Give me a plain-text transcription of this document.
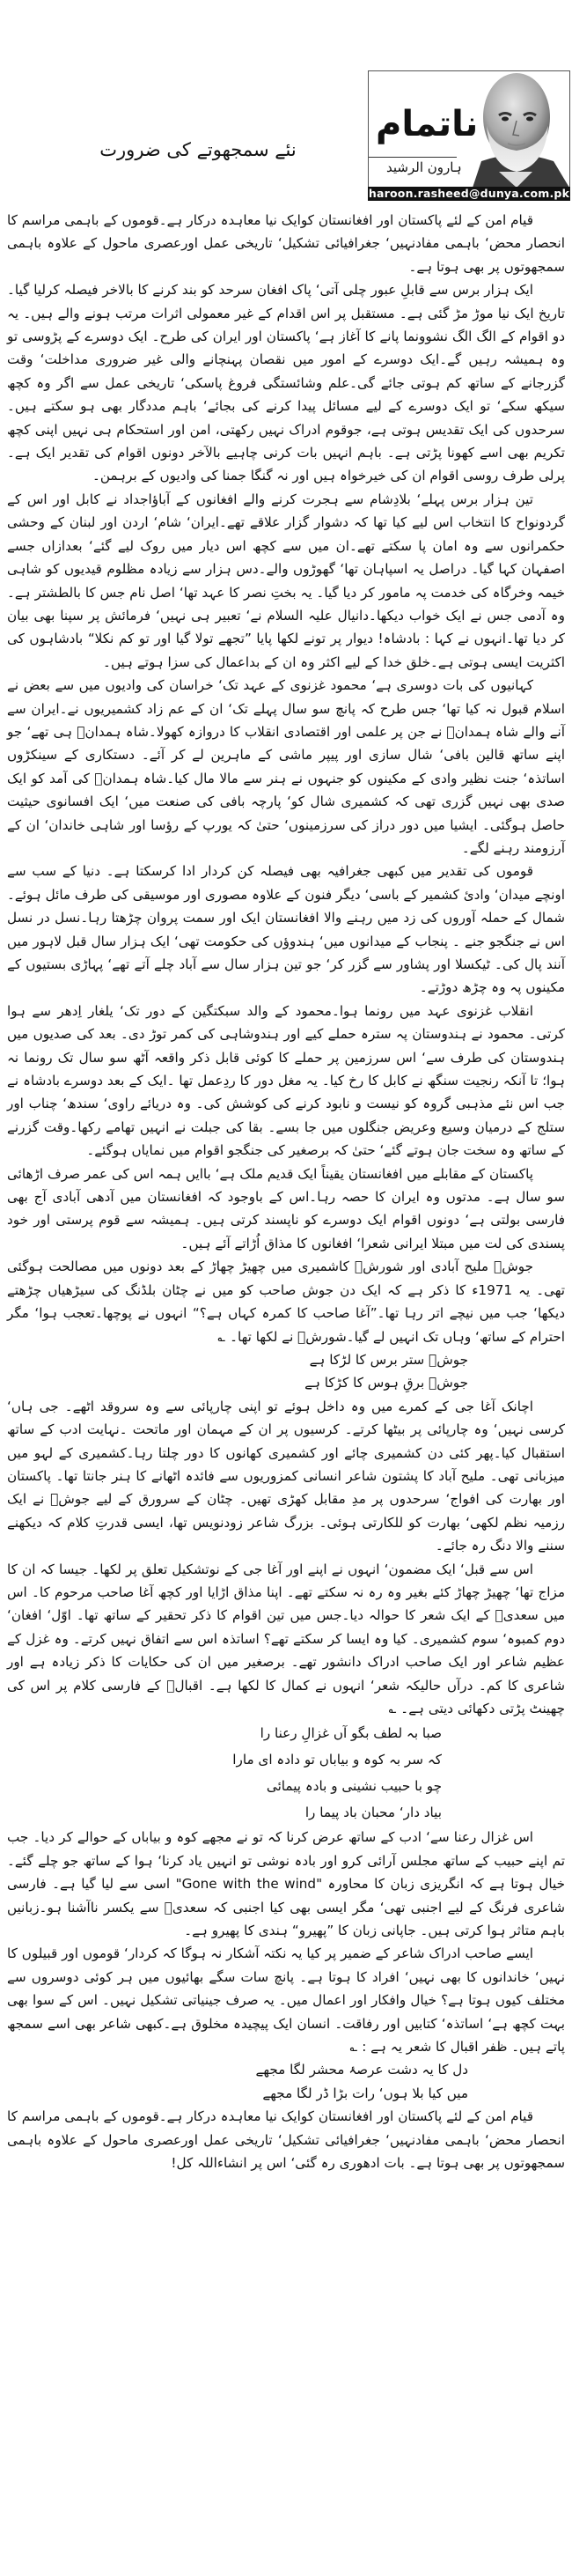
ناتمام
ہارون الرشید
haroon.rasheed@dunya.com.pk
نئے سمجھوتے کی ضرورت

قیام امن کے لئے پاکستان اور افغانستان کوایک نیا معاہدہ درکار ہے۔قوموں کے باہمی مراسم کا انحصار محض‘ باہمی مفادنہیں‘ جغرافیائی تشکیل‘ تاریخی عمل اورعصری ماحول کے علاوہ باہمی سمجھوتوں پر بھی ہوتا ہے۔

ایک ہزار برس سے قابلِ عبور چلی آتی‘ پاک افغان سرحد کو بند کرنے کا بالاخر فیصلہ کرلیا گیا۔تاریخ ایک نیا موڑ مڑ گئی ہے۔ مستقبل پر اس اقدام کے غیر معمولی اثرات مرتب ہونے والے ہیں۔ یہ دو اقوام کے الگ الگ نشوونما پانے کا آغاز ہے‘ پاکستان اور ایران کی طرح۔ ایک دوسرے کے پڑوسی تو وہ ہمیشہ رہیں گے۔ایک دوسرے کے امور میں نقصان پہنچانے والی غیر ضروری مداخلت‘ وقت گزرجانے کے ساتھ کم ہوتی جائے گی۔علم وشائستگی فروغ پاسکی‘ تاریخی عمل سے اگر وہ کچھ سیکھ سکے‘ تو ایک دوسرے کے لیے مسائل پیدا کرنے کی بجائے‘ باہم مددگار بھی ہو سکتے ہیں۔سرحدوں کی ایک تقدیس ہوتی ہے، جوقوم ادراک نہیں رکھتی، امن اور استحکام ہی نہیں اپنی کچھ تکریم بھی اسے کھونا پڑتی ہے۔ باہم انہیں بات کرنی چاہیے بالآخر دونوں اقوام کی تقدیر ایک ہے۔ پرلی طرف روسی اقوام ان کی خیرخواہ ہیں اور نہ گنگا جمنا کی وادیوں کے برہمن۔

تین ہزار برس پہلے‘ بلادِشام سے ہجرت کرنے والے افغانوں کے آباؤاجداد نے کابل اور اس کے گردونواح کا انتخاب اس لیے کیا تھا کہ دشوار گزار علاقے تھے۔ایران‘ شام‘ اردن اور لبنان کے وحشی حکمرانوں سے وہ امان پا سکتے تھے۔ان میں سے کچھ اس دیار میں روک لیے گئے‘ بعدازاں جسے اصفہان کہا گیا۔ دراصل یہ اسپاہان تھا‘ گھوڑوں والے۔دس ہزار سے زیادہ مظلوم قیدیوں کو شاہی خیمہ وخرگاہ کی خدمت پہ مامور کر دیا گیا۔ یہ بختِ نصر کا عہد تھا‘ اصل نام جس کا بالطشتر ہے۔وہ آدمی جس نے ایک خواب دیکھا۔دانیال علیہ السلام نے‘ تعبیر ہی نہیں‘ فرمائش پر سپنا بھی بیان کر دیا تھا۔انہوں نے کہا : بادشاہ! دیوار پر تونے لکھا پایا ”تجھے تولا گیا اور تو کم نکلا“ بادشاہوں کی اکثریت ایسی ہوتی ہے۔خلق خدا کے لیے اکثر وہ ان کے بداعمال کی سزا ہوتے ہیں۔

کہانیوں کی بات دوسری ہے‘ محمود غزنوی کے عہد تک‘ خراسان کی وادیوں میں سے بعض نے اسلام قبول نہ کیا تھا‘ جس طرح کہ پانچ سو سال پہلے تک‘ ان کے عم زاد کشمیریوں نے۔ایران سے آنے والے شاہ ہمدانؒ نے جن پر علمی اور اقتصادی انقلاب کا دروازہ کھولا۔شاہ ہمدانؒ ہی تھے‘ جو اپنے ساتھ قالین بافی‘ شال سازی اور پیپر ماشی کے ماہرین لے کر آئے۔ دستکاری کے سینکڑوں اساتذہ‘ جنت نظیر وادی کے مکینوں کو جنہوں نے ہنر سے مالا مال کیا۔شاہ ہمدانؒ کی آمد کو ایک صدی بھی نہیں گزری تھی کہ کشمیری شال کو‘ پارچہ بافی کی صنعت میں‘ ایک افسانوی حیثیت حاصل ہوگئی۔ ایشیا میں دور دراز کی سرزمینوں‘ حتیٰ کہ یورپ کے رؤسا اور شاہی خاندان‘ ان کے آرزومند رہنے لگے۔

قوموں کی تقدیر میں کبھی جغرافیہ بھی فیصلہ کن کردار ادا کرسکتا ہے۔ دنیا کے سب سے اونچے میدان‘ وادیٔ کشمیر کے باسی‘ دیگر فنون کے علاوہ مصوری اور موسیقی کی طرف مائل ہوئے۔شمال کے حملہ آوروں کی زد میں رہنے والا افغانستان ایک اور سمت پروان چڑھتا رہا۔نسل در نسل اس نے جنگجو جنے ۔ پنجاب کے میدانوں میں‘ ہندوؤں کی حکومت تھی‘ ایک ہزار سال قبل لاہور میں آنند پال کی۔ ٹیکسلا اور پشاور سے گزر کر‘ جو تین ہزار سال سے آباد چلے آتے تھے‘ پہاڑی بستیوں کے مکینوں پہ وہ چڑھ دوڑتے۔

انقلاب غزنوی عہد میں رونما ہوا۔محمود کے والد سبکتگین کے دور تک‘ یلغار اِدھر سے ہوا کرتی۔ محمود نے ہندوستان پہ سترہ حملے کیے اور ہندوشاہی کی کمر توڑ دی۔ بعد کی صدیوں میں ہندوستان کی طرف سے‘ اس سرزمین پر حملے کا کوئی قابل ذکر واقعہ آٹھ سو سال تک رونما نہ ہوا؛ تا آنکہ رنجیت سنگھ نے کابل کا رخ کیا۔ یہ مغل دور کا ردِعمل تھا ۔ایک کے بعد دوسرے بادشاہ نے جب اس نئے مذہبی گروہ کو نیست و نابود کرنے کی کوشش کی۔ وہ دریائے راوی‘ سندھ‘ چناب اور ستلج کے درمیان وسیع وعریض جنگلوں میں جا بسے۔ بقا کی جبلت نے انہیں تھامے رکھا۔وقت گزرنے کے ساتھ وہ سخت جان ہوتے گئے‘ حتیٰ کہ برصغیر کی جنگجو اقوام میں نمایاں ہوگئے۔

پاکستان کے مقابلے میں افغانستان یقیناً ایک قدیم ملک ہے‘ باایں ہمہ اس کی عمر صرف اڑھائی سو سال ہے۔ مدتوں وہ ایران کا حصہ رہا۔اس کے باوجود کہ افغانستان میں آدھی آبادی آج بھی فارسی بولتی ہے‘ دونوں اقوام ایک دوسرے کو ناپسند کرتی ہیں۔ ہمیشہ سے قوم پرستی اور خود پسندی کی لت میں مبتلا ایرانی شعرا‘ افغانوں کا مذاق اُڑاتے آئے ہیں۔

جوشؔ ملیح آبادی اور شورشؔ کاشمیری میں چھیڑ چھاڑ کے بعد دونوں میں مصالحت ہوگئی تھی۔ یہ 1971ء کا ذکر ہے کہ ایک دن جوش صاحب کو میں نے چٹان بلڈنگ کی سیڑھیاں چڑھتے دیکھا‘ جب میں نیچے اتر رہا تھا۔”آغا صاحب کا کمرہ کہاں ہے؟“ انہوں نے پوچھا۔تعجب ہوا‘ مگر احترام کے ساتھ‘ وہاں تک انہیں لے گیا۔شورشؔ نے لکھا تھا۔ ؎

جوشؔ ستر برس کا لڑکا ہے

جوشؔ برقِ ہوس کا کڑکا ہے

اچانک آغا جی کے کمرے میں وہ داخل ہوئے تو اپنی چارپائی سے وہ سروقد اٹھے۔ جی ہاں‘ کرسی نہیں‘ وہ چارپائی پر بیٹھا کرتے۔ کرسیوں پر ان کے مہمان اور ماتحت ۔نہایت ادب کے ساتھ استقبال کیا۔پھر کئی دن کشمیری چائے اور کشمیری کھانوں کا دور چلتا رہا۔کشمیری کے لہو میں میزبانی تھی۔ ملیح آباد کا پشتون شاعر انسانی کمزوریوں سے فائدہ اٹھانے کا ہنر جانتا تھا۔ پاکستان اور بھارت کی افواج‘ سرحدوں پر مدِ مقابل کھڑی تھیں۔ چٹان کے سرورق کے لیے جوشؔ نے ایک رزمیہ نظم لکھی‘ بھارت کو للکارتی ہوئی۔ بزرگ شاعر زودنویس تھا، ایسی قدرتِ کلام کہ دیکھنے سننے والا دنگ رہ جائے۔

اس سے قبل‘ ایک مضمون‘ انہوں نے اپنے اور آغا جی کے نوتشکیل تعلق پر لکھا۔ جیسا کہ ان کا مزاج تھا‘ چھیڑ چھاڑ کئے بغیر وہ رہ نہ سکتے تھے۔ اپنا مذاق اڑایا اور کچھ آغا صاحب مرحوم کا۔ اس میں سعدیؔ کے ایک شعر کا حوالہ دیا۔جس میں تین اقوام کا ذکر تحقیر کے ساتھ تھا۔ اوّل‘ افغان‘ دوم کمبوہ‘ سوم کشمیری۔ کیا وہ ایسا کر سکتے تھے؟ اساتذہ اس سے اتفاق نہیں کرتے۔ وہ غزل کے عظیم شاعر اور ایک صاحب ادراک دانشور تھے۔ برصغیر میں ان کی حکایات کا ذکر زیادہ ہے اور شاعری کا کم۔ درآں حالیکہ شعر‘ انہوں نے کمال کا لکھا ہے۔ اقبالؔ کے فارسی کلام پر اس کی چھینٹ پڑتی دکھائی دیتی ہے۔ ؎

صبا بہ لطف بگو آں غزالِ رعنا را

کہ سر بہ کوہ و بیاباں تو دادہ ای مارا

چو با حبیب نشینی و بادہ پیمائی

بیاد دار‘ محبان باد پیما را

اس غزال رعنا سے‘ ادب کے ساتھ عرض کرنا کہ تو نے مجھے کوہ و بیاباں کے حوالے کر دیا۔ جب تم اپنے حبیب کے ساتھ مجلس آرائی کرو اور بادہ نوشی تو انہیں یاد کرنا‘ ہوا کے ساتھ جو چلے گئے۔ خیال ہوتا ہے کہ انگریزی زبان کا محاورہ "Gone with the wind" اسی سے لیا گیا ہے۔ فارسی شاعری فرنگ کے لیے اجنبی تھی‘ مگر ایسی بھی کیا اجنبی کہ سعدیؔ سے یکسر ناآشنا ہو۔زبانیں باہم متاثر ہوا کرتی ہیں۔ جاپانی زبان کا ”پھیرو“ ہندی کا پھیرو ہے۔

ایسے صاحب ادراک شاعر کے ضمیر پر کیا یہ نکتہ آشکار نہ ہوگا کہ کردار‘ قوموں اور قبیلوں کا نہیں‘ خاندانوں کا بھی نہیں‘ افراد کا ہوتا ہے۔ پانچ سات سگے بھائیوں میں ہر کوئی دوسروں سے مختلف کیوں ہوتا ہے؟ خیال وافکار اور اعمال میں۔ یہ صرف جینیاتی تشکیل نہیں۔ اس کے سوا بھی بہت کچھ ہے‘ اساتذہ‘ کتابیں اور رفاقت۔ انسان ایک پیچیدہ مخلوق ہے۔کبھی شاعر بھی اسے سمجھ پاتے ہیں۔ ظفر اقبال کا شعر یہ ہے : ؎

دل کا یہ دشت عرصۂ محشر لگا مجھے

میں کیا بلا ہوں‘ رات بڑا ڈر لگا مجھے

قیام امن کے لئے پاکستان اور افغانستان کوایک نیا معاہدہ درکار ہے۔قوموں کے باہمی مراسم کا انحصار محض‘ باہمی مفادنہیں‘ جغرافیائی تشکیل‘ تاریخی عمل اورعصری ماحول کے علاوہ باہمی سمجھوتوں پر بھی ہوتا ہے۔ بات ادھوری رہ گئی‘ اس پر انشاءاللہ کل!
